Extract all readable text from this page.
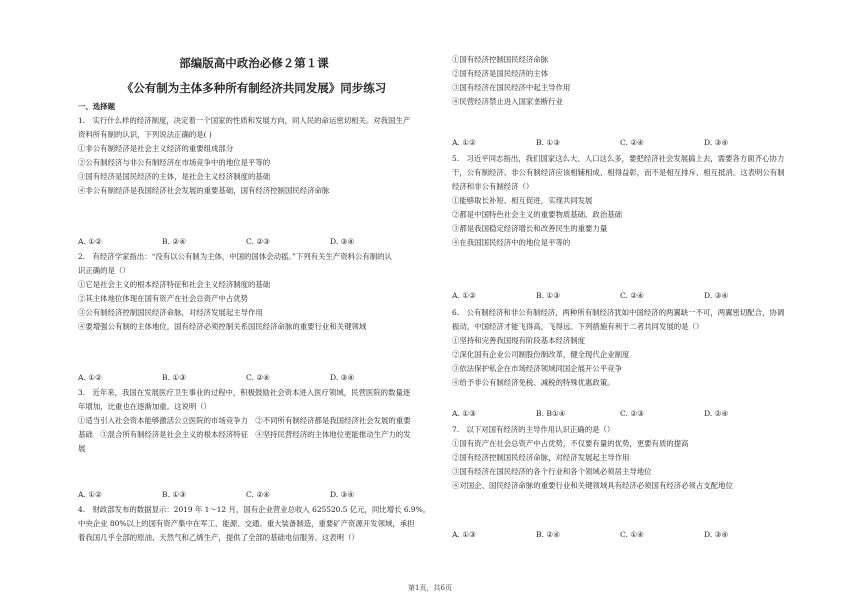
部编版高中政治必修２第１课
《公有制为主体多种所有制经济共同发展》同步练习
一、选择题
1.　实行什么样的经济制度，决定着一个国家的性质和发展方向，同人民的命运密切相关。对我国生产
资料所有制的认识，下列说法正确的是( )
①非公有制经济是社会主义经济的重要组成部分
②公有制经济与非公有制经济在市场竞争中的地位是平等的
③国有经济是国民经济的主体，是社会主义经济制度的基础
④非公有制经济是我国经济社会发展的重要基础，国有经济控制国民经济命脉
A. ①②	B. ②④	C. ②③	D. ③④
2.　有经济学家指出：“没有以公有制为主体，中国的国体会动摇。”下列有关生产资料公有制的认
识正确的是（）
①它是社会主义的根本经济特征和社会主义经济制度的基础
②其主体地位体现在国有资产在社会总资产中占优势
③公有制经济控制国民经济命脉，对经济发展起主导作用
④要增强公有制的主体地位，国有经济必须控制关系国民经济命脉的重要行业和关键领域
A. ①②	B. ①③	C. ②④	D. ③④
3.　近年来，我国在发展医疗卫生事业的过程中，积极鼓励社会资本进入医疗领域，民营医院的数量逐
年增加，比重也在逐渐加重。这说明（）
①适当引入社会资本能够激活公立医院的市场竞争力　②不同所有制经济都是我国经济社会发展的重要
基础　③混合所有制经济是社会主义的根本经济特征　④坚持民营经济的主体地位更能推动生产力的发
展
A. ①②	B. ①③	C. ②④	D. ③④
4.　财政部发布的数据显示：2019 年 1～12 月，国有企业营业总收入 625520.5 亿元，同比增长 6.9%。
中央企业 80%以上的国有资产集中在军工、能源、交通、重大装备制造，重要矿产资源开发领域，承担
着我国几乎全部的原油、天然气和乙烯生产，提供了全部的基础电信服务。这表明（）
①国有经济控制国民经济命脉
②国有经济是国民经济的主体
③国有经济在国民经济中起主导作用
④民营经济禁止进入国家垄断行业
A. ①②	B. ①③	C. ②④	D. ③④
5.　习近平同志指出，我们国家这么大、人口这么多，要把经济社会发展搞上去，需要各方面齐心协力
干，公有制经济、非公有制经济应该相辅相成、相得益彰，而不是相互排斥、相互抵消。这表明公有制
经济和非公有制经济（）
①能够取长补短、相互促进，实现共同发展
②都是中国特色社会主义的重要物质基础、政治基础
③都是我国稳定经济增长和改善民生的重要力量
④在我国国民经济中的地位是平等的
A. ①②	B. ①③	C. ②④	D. ③④
6.　公有制经济和非公有制经济，两种所有制经济犹如中国经济的两翼缺一不可，两翼密切配合，协调
振动，中国经济才能飞得高，飞得远。下列措施有利于二者共同发展的是（）
①坚持和完善我国现有阶段基本经济制度
②深化国有企业公司制股份制改革，健全现代企业制度
③依法保护私企在市场经济领域同国企展开公平竞争
④给予非公有制经济免税、减税的特殊优惠政策。
A. ①③	B. B①④	C. ②③	D. ②④
7.　以下对国有经济的主导作用认识正确的是（）
①国有资产在社会总资产中占优势，不仅要有量的优势，更要有质的提高
②国有经济控制国民经济命脉，对经济发展起主导作用
③国有经济在国民经济的各个行业和各个领域必须居主导地位
④对国企、国民经济命脉的重要行业和关键领域具有经济必须国有经济必须占支配地位
A. ①③	B. ②④	C. ①④	D. ③④
第1页，共6页
